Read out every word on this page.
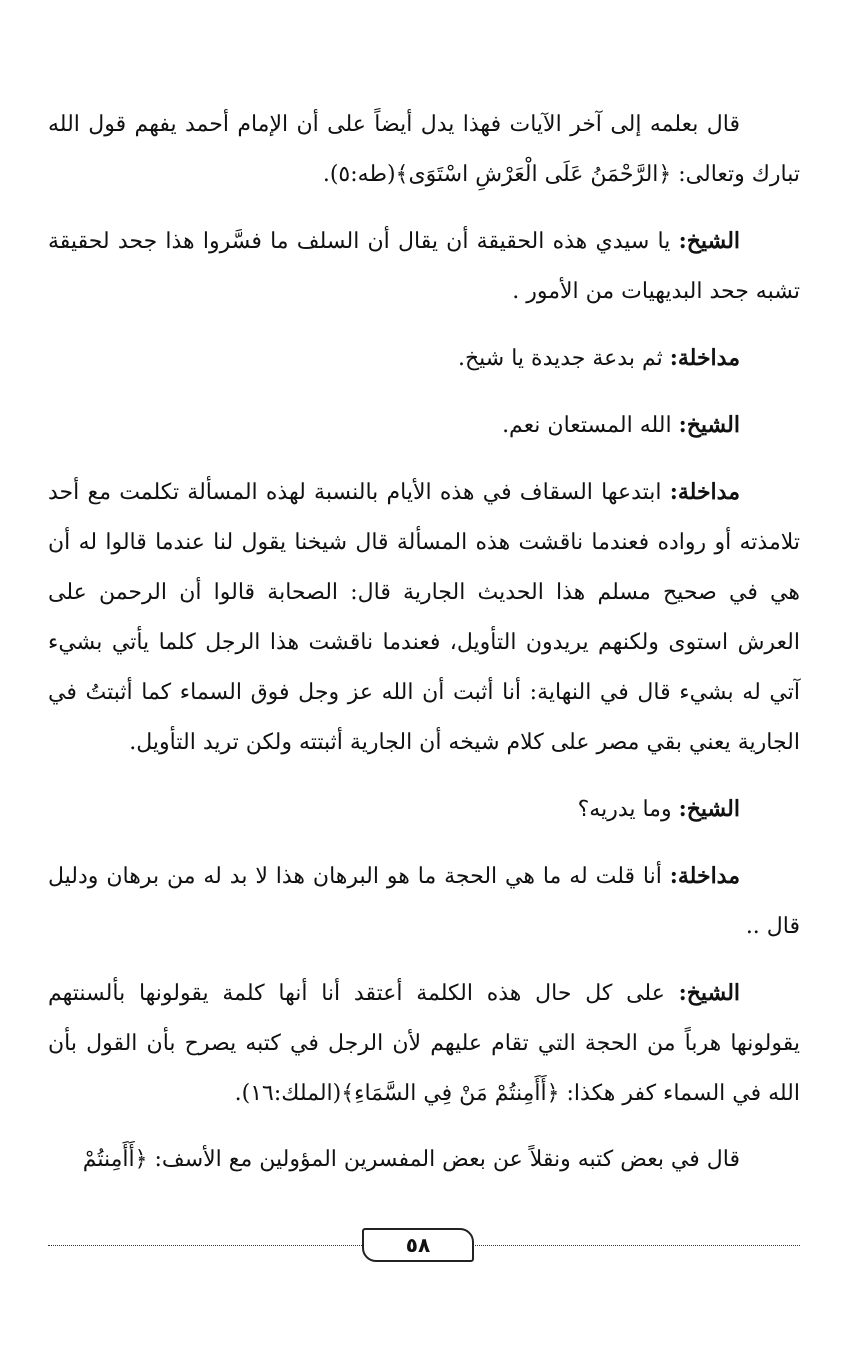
قال بعلمه إلى آخر الآيات فهذا يدل أيضاً على أن الإمام أحمد يفهم قول الله تبارك وتعالى: ﴿الرَّحْمَنُ عَلَى الْعَرْشِ اسْتَوَى﴾(طه:٥).

الشيخ: يا سيدي هذه الحقيقة أن يقال أن السلف ما فسَّروا هذا جحد لحقيقة تشبه جحد البديهيات من الأمور .

مداخلة: ثم بدعة جديدة يا شيخ.

الشيخ: الله المستعان نعم.

مداخلة: ابتدعها السقاف في هذه الأيام بالنسبة لهذه المسألة تكلمت مع أحد تلامذته أو رواده فعندما ناقشت هذه المسألة قال شيخنا يقول لنا عندما قالوا له أن هي في صحيح مسلم هذا الحديث الجارية قال: الصحابة قالوا أن الرحمن على العرش استوى ولكنهم يريدون التأويل، فعندما ناقشت هذا الرجل كلما يأتي بشيء آتي له بشيء قال في النهاية: أنا أثبت أن الله عز وجل فوق السماء كما أثبتتُ في الجارية يعني بقي مصر على كلام شيخه أن الجارية أثبتته ولكن تريد التأويل.

الشيخ: وما يدريه؟

مداخلة: أنا قلت له ما هي الحجة ما هو البرهان هذا لا بد له من برهان ودليل قال ..

الشيخ: على كل حال هذه الكلمة أعتقد أنا أنها كلمة يقولونها بألسنتهم يقولونها هرباً من الحجة التي تقام عليهم لأن الرجل في كتبه يصرح بأن القول بأن الله في السماء كفر هكذا: ﴿أَأَمِنتُمْ مَنْ فِي السَّمَاءِ﴾(الملك:١٦).

قال في بعض كتبه ونقلاً عن بعض المفسرين المؤولين مع الأسف: ﴿أَأَمِنتُمْ

٥٨
